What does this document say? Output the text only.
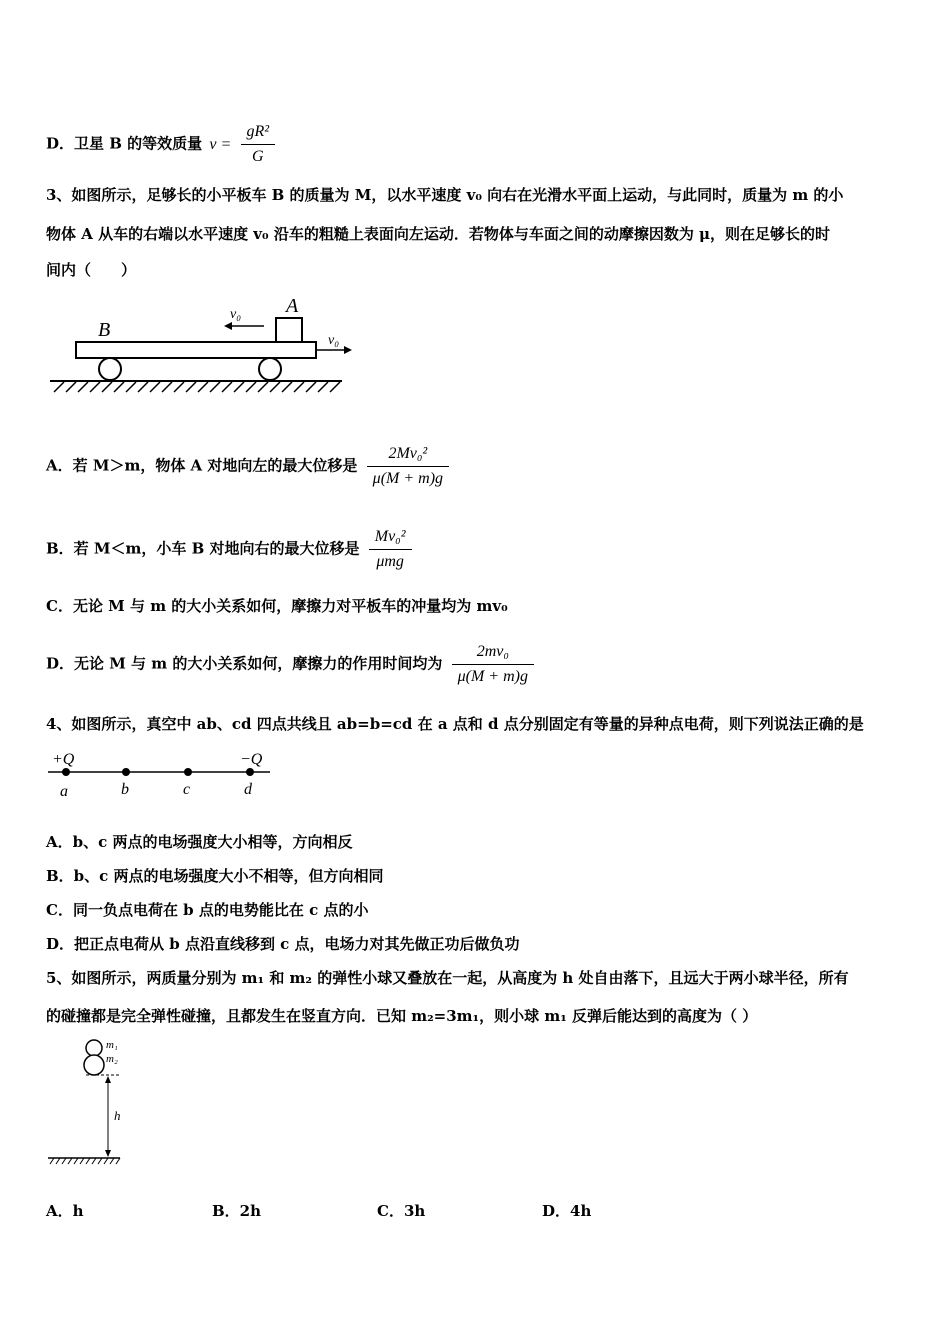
D．卫星 B 的等效质量 $v = \frac{\text{gR²}}{G}$
3、如图所示，足够长的小平板车 B 的质量为 M，以水平速度 v₀ 向右在光滑水平面上运动，与此同时，质量为 m 的小
物体 A 从车的右端以水平速度 v₀ 沿车的粗糙上表面向左运动．若物体与车面之间的动摩擦因数为 μ，则在足够长的时
间内（　　）
B
A
v₀
v₀
A．若 M＞m，物体 A 对地向左的最大位移是 $\frac{\text{2Mv₀²}}{\mu(M + m)g}$
B．若 M＜m，小车 B 对地向右的最大位移是 $\frac{\text{Mv₀²}}{\text{μmg}}$
C．无论 M 与 m 的大小关系如何，摩擦力对平板车的冲量均为 mv₀
D．无论 M 与 m 的大小关系如何，摩擦力的作用时间均为 $\frac{\text{2mv₀}}{\mu(M + m)g}$
4、如图所示，真空中 ab、cd 四点共线且 ab=b=cd 在 a 点和 d 点分别固定有等量的异种点电荷，则下列说法正确的是
+Q	−Q
a	b	c	d
A．b、c 两点的电场强度大小相等，方向相反
B．b、c 两点的电场强度大小不相等，但方向相同
C．同一负点电荷在 b 点的电势能比在 c 点的小
D．把正点电荷从 b 点沿直线移到 c 点，电场力对其先做正功后做负功
5、如图所示，两质量分别为 m₁ 和 m₂ 的弹性小球又叠放在一起，从高度为 h 处自由落下，且远大于两小球半径，所有
的碰撞都是完全弹性碰撞，且都发生在竖直方向．已知 m₂=3m₁，则小球 m₁ 反弹后能达到的高度为（ ）
m₁
m₂
h
A．h	B．2h	C．3h	D．4h
